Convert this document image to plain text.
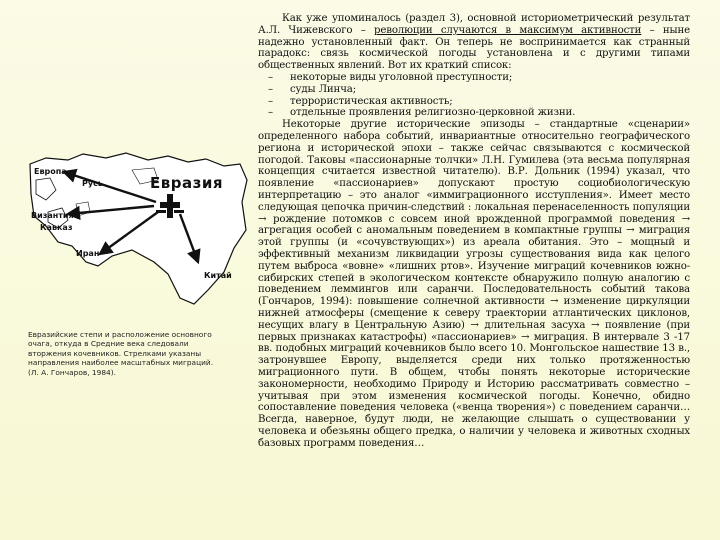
Евразия
Европа
Русь
Византия
Кавказ
Иран
Китай
Евразийские степи и расположение основного очага, откуда в Средние века следовали вторжения кочевников. Стрелками указаны направления наиболее масштабных миграций.
(Л. А. Гончаров, 1984).

Как уже упоминалось (раздел 3), основной историометрический результат А.Л. Чижевского – революции случаются в максимум активности – ныне надежно установленный факт. Он теперь не воспринимается как странный парадокс: связь космической погоды установлена и с другими типами общественных явлений. Вот их краткий список:

– некоторые виды уголовной преступности;
– суды Линча;
– террористическая активность;
– отдельные проявления религиозно-церковной жизни.

Некоторые другие исторические эпизоды – стандартные «сценарии» определенного набора событий, инвариантные относительно географического региона и исторической эпохи – также сейчас связываются с космической погодой. Таковы «пассионарные толчки» Л.Н. Гумилева (эта весьма популярная концепция считается известной читателю). В.Р. Дольник (1994) указал, что появление «пассионариев» допускают простую социобиологическую интерпретацию – это аналог «иммиграционного исступления». Имеет место следующая цепочка причин-следствий : локальная перенаселенность популяции → рождение потомков с совсем иной врожденной программой поведения → агрегация особей с аномальным поведением в компактные группы → миграция этой группы (и «сочувствующих») из ареала обитания. Это – мощный и эффективный механизм ликвидации угрозы существования вида как целого путем выброса «вовне» «лишних ртов». Изучение миграций кочевников южно-сибирских степей в экологическом контексте обнаружило полную аналогию с поведением леммингов или саранчи. Последовательность событий такова (Гончаров, 1994): повышение солнечной активности → изменение циркуляции нижней атмосферы (смещение к северу траектории атлантических циклонов, несущих влагу в Центральную Азию) → длительная засуха → появление (при первых признаках катастрофы) «пассионариев» → миграция. В интервале 3 -17 вв. подобных миграций кочевников было всего 10. Монгольское нашествие 13 в., затронувшее Европу, выделяется среди них только протяженностью миграционного пути. В общем, чтобы понять некоторые исторические закономерности, необходимо Природу и Историю рассматривать совместно – учитывая при этом изменения космической погоды. Конечно, обидно сопоставление поведения человека («венца творения») с поведением саранчи… Всегда, наверное, будут люди, не желающие слышать о существовании у человека и обезьяны общего предка, о наличии у человека и животных сходных базовых программ поведения…
